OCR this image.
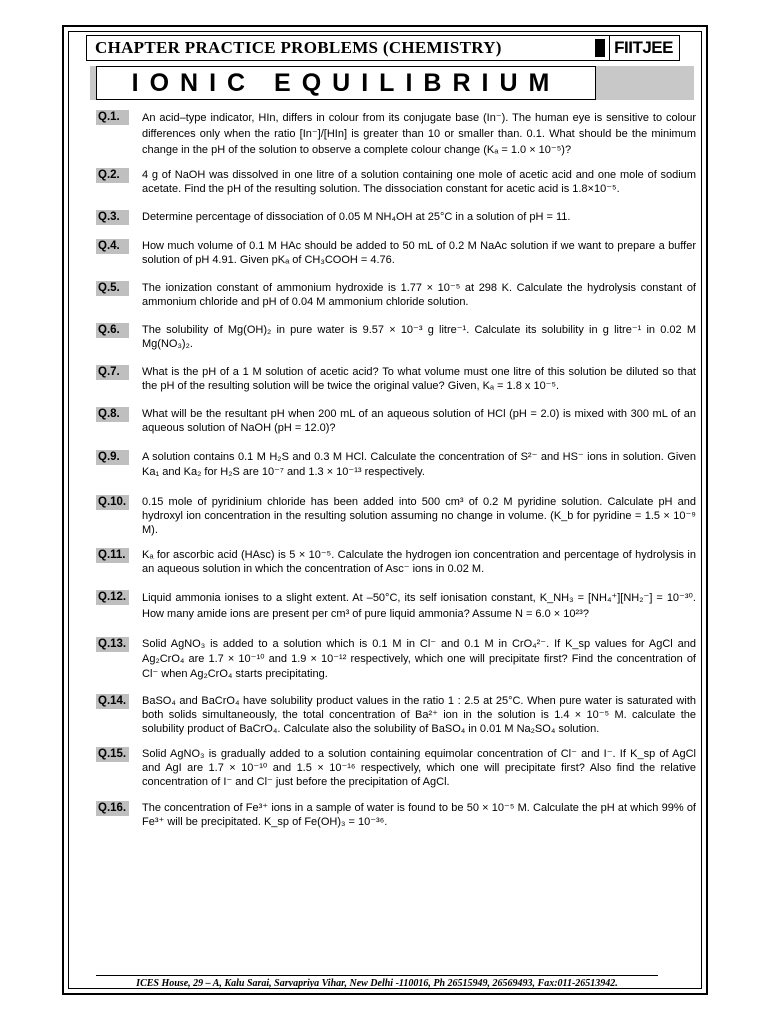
CHAPTER PRACTICE PROBLEMS (CHEMISTRY)	FIITJEE
IONIC EQUILIBRIUM
Q.1.	An acid–type indicator, HIn, differs in colour from its conjugate base (In⁻). The human eye is sensitive to colour differences only when the ratio [In⁻]/[HIn] is greater than 10 or smaller than. 0.1. What should be the minimum change in the pH of the solution to observe a complete colour change (Kₐ = 1.0 × 10⁻⁵)?
Q.2.	4 g of NaOH was dissolved in one litre of a solution containing one mole of acetic acid and one mole of sodium acetate. Find the pH of the resulting solution. The dissociation constant for acetic acid is 1.8×10⁻⁵.
Q.3.	Determine percentage of dissociation of 0.05 M NH₄OH at 25°C in a solution of pH = 11.
Q.4.	How much volume of 0.1 M HAc should be added to 50 mL of 0.2 M NaAc solution if we want to prepare a buffer solution of pH 4.91. Given pKₐ of CH₃COOH = 4.76.
Q.5.	The ionization constant of ammonium hydroxide is 1.77 × 10⁻⁵ at 298 K. Calculate the hydrolysis constant of ammonium chloride and pH of 0.04 M ammonium chloride solution.
Q.6.	The solubility of Mg(OH)₂ in pure water is 9.57 × 10⁻³ g litre⁻¹. Calculate its solubility in g litre⁻¹ in 0.02 M Mg(NO₃)₂.
Q.7.	What is the pH of a 1 M solution of acetic acid? To what volume must one litre of this solution be diluted so that the pH of the resulting solution will be twice the original value? Given, Kₐ = 1.8 x 10⁻⁵.
Q.8.	What will be the resultant pH when 200 mL of an aqueous solution of HCl (pH = 2.0) is mixed with 300 mL of an aqueous solution of NaOH (pH = 12.0)?
Q.9.	A solution contains 0.1 M H₂S and 0.3 M HCl. Calculate the concentration of S²⁻ and HS⁻ ions in solution. Given Ka₁ and Ka₂ for H₂S are 10⁻⁷ and 1.3 × 10⁻¹³ respectively.
Q.10. 0.15 mole of pyridinium chloride has been added into 500 cm³ of 0.2 M pyridine solution. Calculate pH and hydroxyl ion concentration in the resulting solution assuming no change in volume. (K_b for pyridine = 1.5 × 10⁻⁹ M).
Q.11.	Kₐ for ascorbic acid (HAsc) is 5 × 10⁻⁵. Calculate the hydrogen ion concentration and percentage of hydrolysis in an aqueous solution in which the concentration of Asc⁻ ions in 0.02 M.
Q.12. Liquid ammonia ionises to a slight extent. At –50°C, its self ionisation constant, K_NH₃ = [NH₄⁺][NH₂⁻] = 10⁻³⁰. How many amide ions are present per cm³ of pure liquid ammonia? Assume N = 6.0 × 10²³?
Q.13. Solid AgNO₃ is added to a solution which is 0.1 M in Cl⁻ and 0.1 M in CrO₄²⁻. If K_sp values for AgCl and Ag₂CrO₄ are 1.7 × 10⁻¹⁰ and 1.9 × 10⁻¹² respectively, which one will precipitate first? Find the concentration of Cl⁻ when Ag₂CrO₄ starts precipitating.
Q.14. BaSO₄ and BaCrO₄ have solubility product values in the ratio 1 : 2.5 at 25°C. When pure water is saturated with both solids simultaneously, the total concentration of Ba²⁺ ion in the solution is 1.4 × 10⁻⁵ M. calculate the solubility product of BaCrO₄. Calculate also the solubility of BaSO₄ in 0.01 M Na₂SO₄ solution.
Q.15. Solid AgNO₃ is gradually added to a solution containing equimolar concentration of Cl⁻ and I⁻. If K_sp of AgCl and AgI are 1.7 × 10⁻¹⁰ and 1.5 × 10⁻¹⁶ respectively, which one will precipitate first? Also find the relative concentration of I⁻ and Cl⁻ just before the precipitation of AgCl.
Q.16. The concentration of Fe³⁺ ions in a sample of water is found to be 50 × 10⁻⁵ M. Calculate the pH at which 99% of Fe³⁺ will be precipitated. K_sp of Fe(OH)₃ = 10⁻³⁶.
ICES House, 29 – A, Kalu Sarai, Sarvapriya Vihar, New Delhi -110016, Ph 26515949, 26569493, Fax:011-26513942.
